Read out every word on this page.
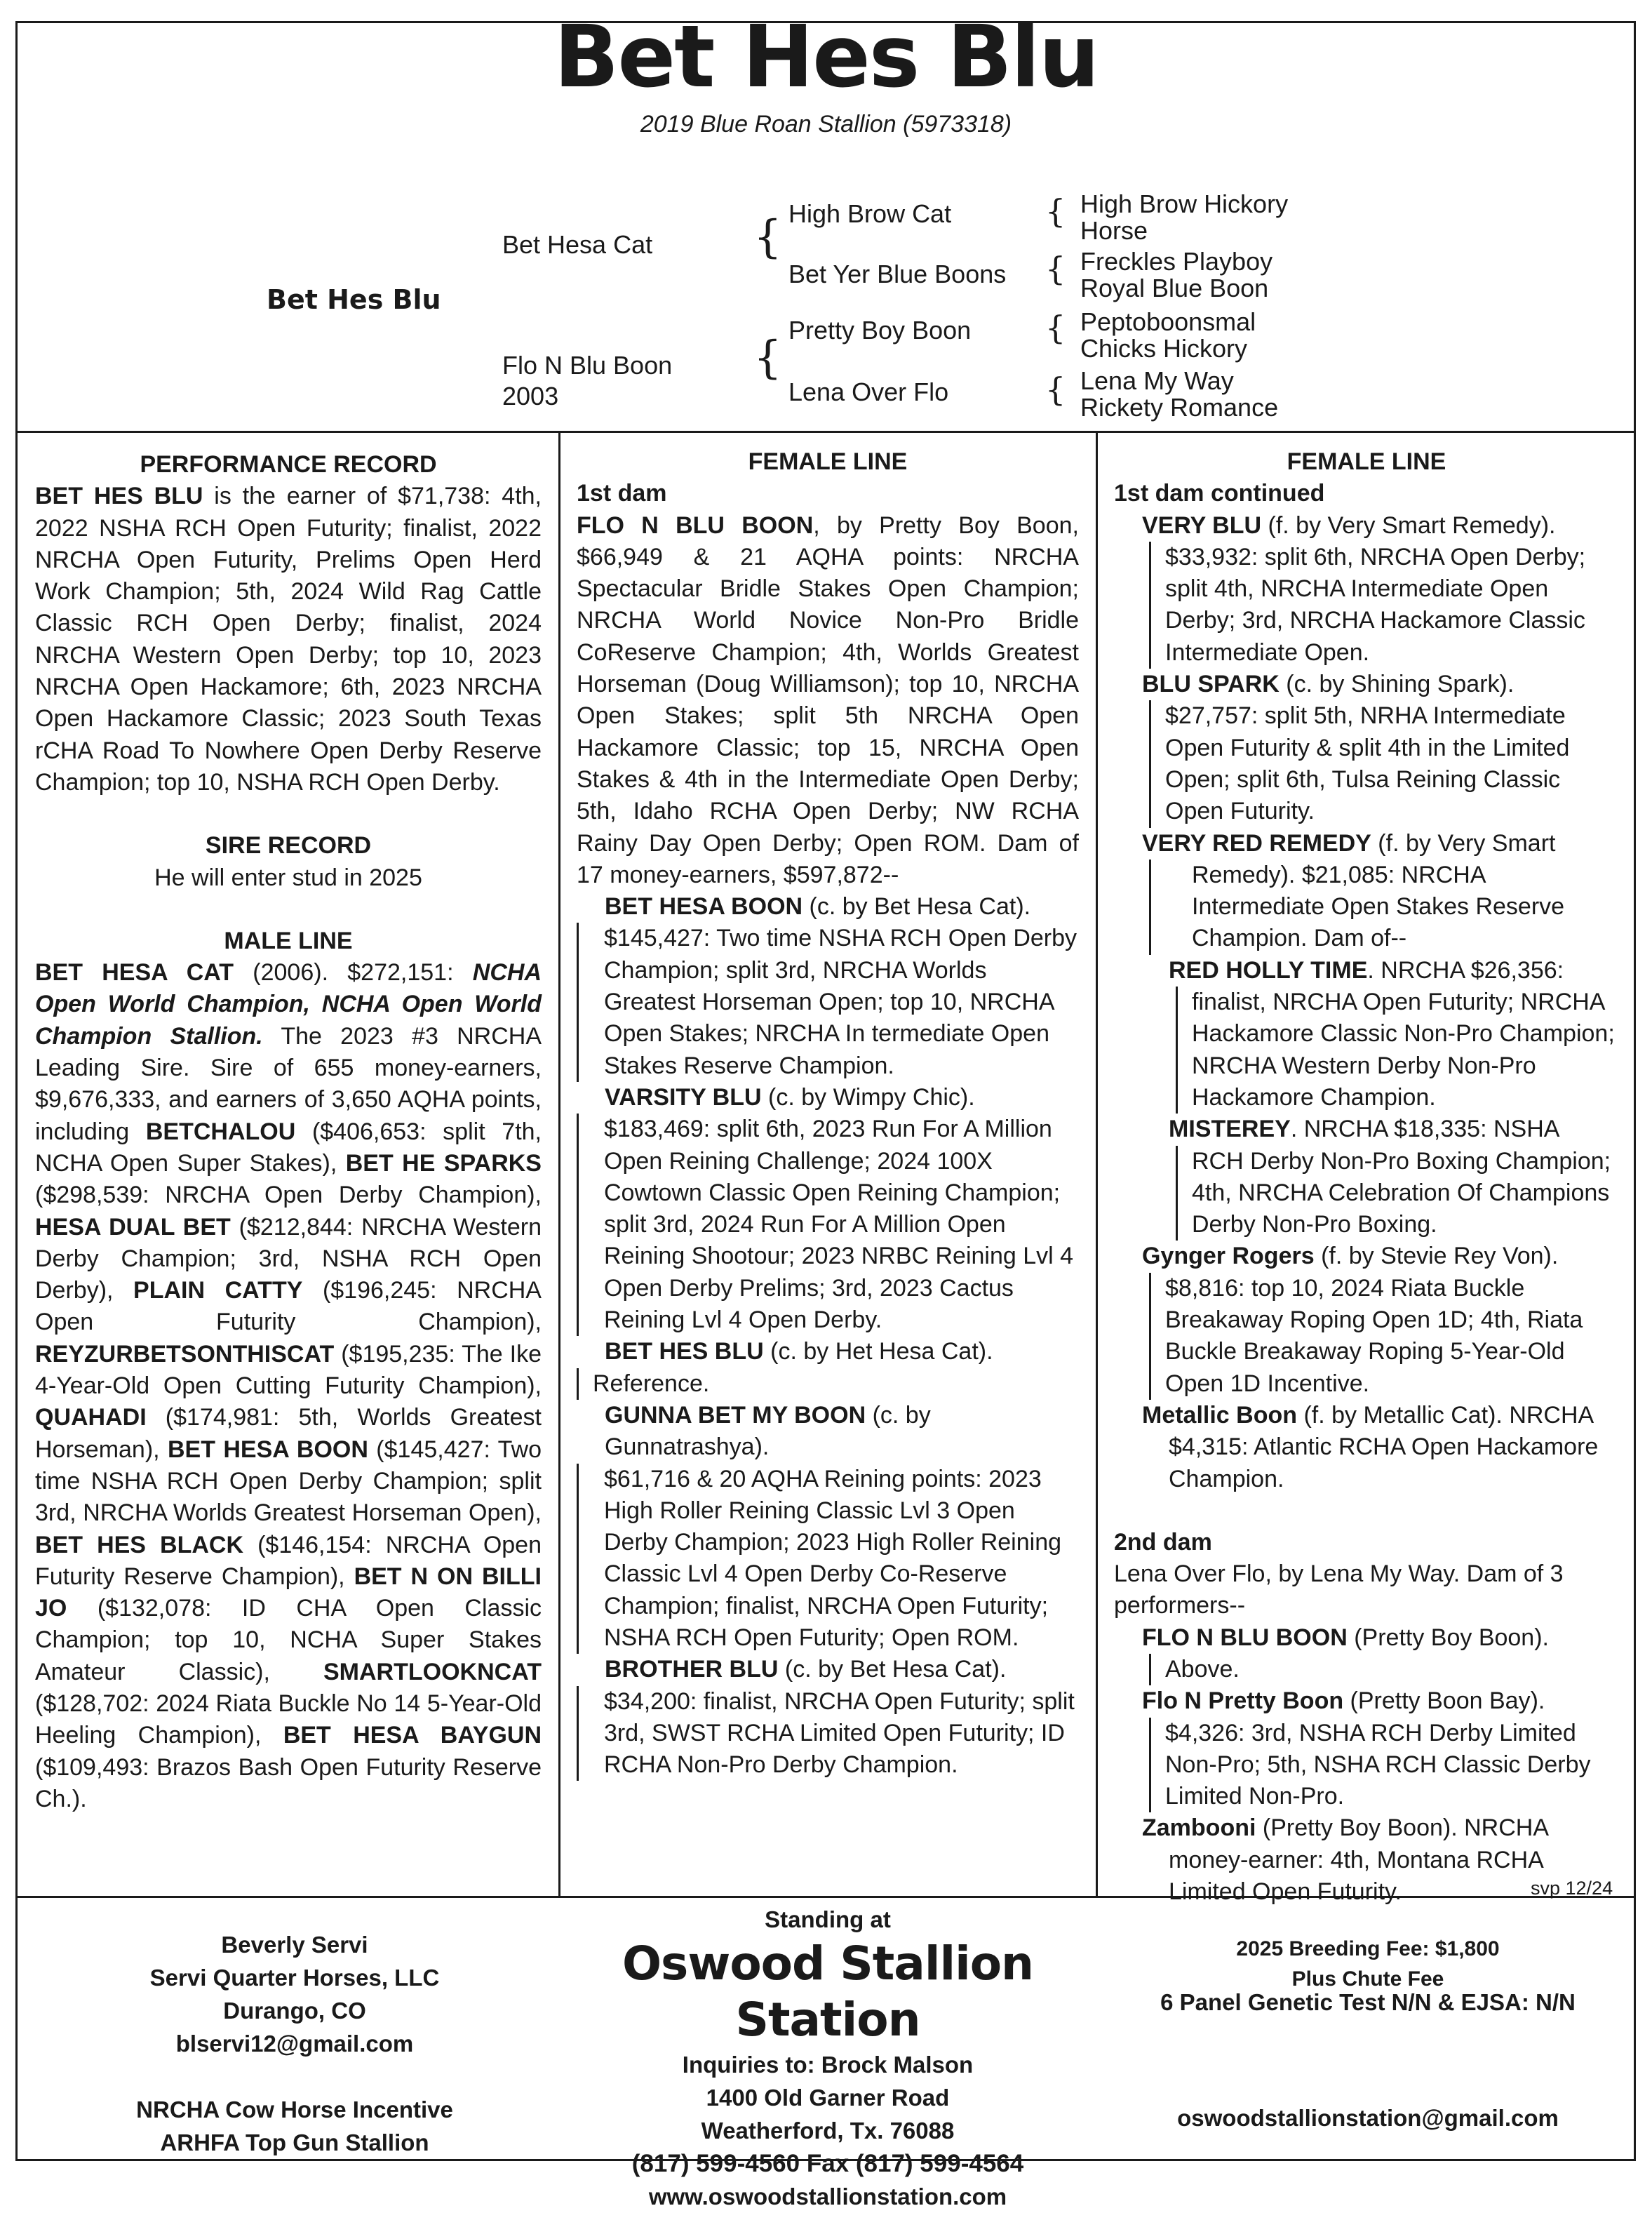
Bet Hes Blu
2019 Blue Roan Stallion (5973318)
Bet Hes Blu
Bet Hesa Cat
Flo N Blu Boon
2003
{
{
High Brow Cat
Bet Yer Blue Boons
Pretty Boy Boon
Lena Over Flo
{
{
{
{
High Brow Hickory
Horse
Freckles Playboy
Royal Blue Boon
Peptoboonsmal
Chicks Hickory
Lena My Way
Rickety Romance

PERFORMANCE RECORD

BET HES BLU is the earner of $71,738: 4th, 2022 NSHA RCH Open Futurity; finalist, 2022 NRCHA Open Futurity, Prelims Open Herd Work Champion; 5th, 2024 Wild Rag Cattle Classic RCH Open Derby; finalist, 2024 NRCHA Western Open Derby; top 10, 2023 NRCHA Open Hackamore; 6th, 2023 NRCHA Open Hackamore Classic; 2023 South Texas rCHA Road To Nowhere Open Derby Reserve Champion; top 10, NSHA RCH Open Derby.

SIRE RECORD

He will enter stud in 2025

MALE LINE

BET HESA CAT (2006). $272,151: NCHA Open World Champion, NCHA Open World Champion Stallion. The 2023 #3 NRCHA Leading Sire. Sire of 655 money-earners, $9,676,333, and earners of 3,650 AQHA points, including BETCHALOU ($406,653: split 7th, NCHA Open Super Stakes), BET HE SPARKS ($298,539: NRCHA Open Derby Champion), HESA DUAL BET ($212,844: NRCHA Western Derby Champion; 3rd, NSHA RCH Open Derby), PLAIN CATTY ($196,245: NRCHA Open Futurity Champion), REYZURBETSONTHISCAT ($195,235: The Ike 4-Year-Old Open Cutting Futurity Champion), QUAHADI ($174,981: 5th, Worlds Greatest Horseman), BET HESA BOON ($145,427: Two time NSHA RCH Open Derby Champion; split 3rd, NRCHA Worlds Greatest Horseman Open), BET HES BLACK ($146,154: NRCHA Open Futurity Reserve Champion), BET N ON BILLI JO ($132,078: ID CHA Open Classic Champion; top 10, NCHA Super Stakes Amateur Classic), SMARTLOOKNCAT ($128,702: 2024 Riata Buckle No 14 5-Year-Old Heeling Champion), BET HESA BAYGUN ($109,493: Brazos Bash Open Futurity Reserve Ch.).

FEMALE LINE

1st dam

FLO N BLU BOON, by Pretty Boy Boon, $66,949 & 21 AQHA points: NRCHA Spectacular Bridle Stakes Open Champion; NRCHA World Novice Non-Pro Bridle CoReserve Champion; 4th, Worlds Greatest Horseman (Doug Williamson); top 10, NRCHA Open Stakes; split 5th NRCHA Open Hackamore Classic; top 15, NRCHA Open Stakes & 4th in the Intermediate Open Derby; 5th, Idaho RCHA Open Derby; NW RCHA Rainy Day Open Derby; Open ROM. Dam of 17 money-earners, $597,872--

BET HESA BOON (c. by Bet Hesa Cat).

$145,427: Two time NSHA RCH Open Derby Champion; split 3rd, NRCHA Worlds Greatest Horseman Open; top 10, NRCHA Open Stakes; NRCHA In termediate Open Stakes Reserve Champion.

VARSITY BLU (c. by Wimpy Chic).

$183,469: split 6th, 2023 Run For A Million Open Reining Challenge; 2024 100X Cowtown Classic Open Reining Champion; split 3rd, 2024 Run For A Million Open Reining Shootour; 2023 NRBC Reining Lvl 4 Open Derby Prelims; 3rd, 2023 Cactus Reining Lvl 4 Open Derby.

BET HES BLU (c. by Het Hesa Cat).

Reference.

GUNNA BET MY BOON (c. by Gunnatrashya).

$61,716 & 20 AQHA Reining points: 2023 High Roller Reining Classic Lvl 3 Open Derby Champion; 2023 High Roller Reining Classic Lvl 4 Open Derby Co-Reserve Champion; finalist, NRCHA Open Futurity; NSHA RCH Open Futurity; Open ROM.

BROTHER BLU (c. by Bet Hesa Cat).

$34,200: finalist, NRCHA Open Futurity; split 3rd, SWST RCHA Limited Open Futurity; ID RCHA Non-Pro Derby Champion.

FEMALE LINE

1st dam continued

VERY BLU (f. by Very Smart Remedy).

$33,932: split 6th, NRCHA Open Derby; split 4th, NRCHA Intermediate Open Derby; 3rd, NRCHA Hackamore Classic Intermediate Open.

BLU SPARK (c. by Shining Spark).

$27,757: split 5th, NRHA Intermediate Open Futurity & split 4th in the Limited Open; split 6th, Tulsa Reining Classic Open Futurity.

VERY RED REMEDY (f. by Very Smart

Remedy). $21,085: NRCHA Intermediate Open Stakes Reserve Champion. Dam of--

RED HOLLY TIME. NRCHA $26,356:

finalist, NRCHA Open Futurity; NRCHA Hackamore Classic Non-Pro Champion; NRCHA Western Derby Non-Pro Hackamore Champion.

MISTEREY. NRCHA $18,335: NSHA

RCH Derby Non-Pro Boxing Champion; 4th, NRCHA Celebration Of Champions Derby Non-Pro Boxing.

Gynger Rogers (f. by Stevie Rey Von).

$8,816: top 10, 2024 Riata Buckle Breakaway Roping Open 1D; 4th, Riata Buckle Breakaway Roping 5-Year-Old Open 1D Incentive.

Metallic Boon (f. by Metallic Cat). NRCHA

$4,315: Atlantic RCHA Open Hackamore Champion.

2nd dam

Lena Over Flo, by Lena My Way. Dam of 3 performers--

FLO N BLU BOON (Pretty Boy Boon).

Above.

Flo N Pretty Boon (Pretty Boon Bay).

$4,326: 3rd, NSHA RCH Derby Limited Non-Pro; 5th, NSHA RCH Classic Derby Limited Non-Pro.

Zambooni (Pretty Boy Boon). NRCHA

money-earner: 4th, Montana RCHA Limited Open Futurity.	svp 12/24
Beverly Servi
Servi Quarter Horses, LLC
Durango, CO
blservi12@gmail.com
NRCHA Cow Horse Incentive
ARHFA Top Gun Stallion
Standing at
Oswood Stallion Station
Inquiries to: Brock Malson
1400 Old Garner Road
Weatherford, Tx. 76088
(817) 599-4560 Fax (817) 599-4564
www.oswoodstallionstation.com
2025 Breeding Fee: $1,800
Plus Chute Fee
6 Panel Genetic Test N/N & EJSA: N/N
oswoodstallionstation@gmail.com
